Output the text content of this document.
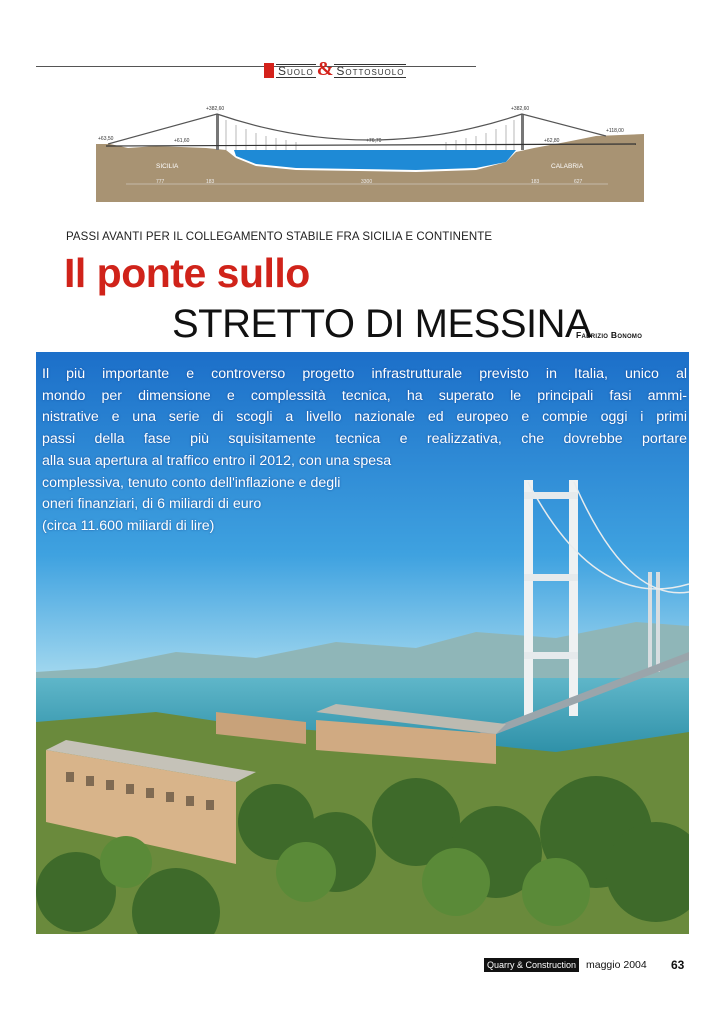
Suolo & Sottosuolo
+382,60	+382,60
+63,50	+61,60	+76,70	+62,80
+118,00
SICILIA	CALABRIA
777	183	3300	183	627
PASSI AVANTI PER IL COLLEGAMENTO STABILE FRA SICILIA E CONTINENTE
Il ponte sullo
STRETTO DI MESSINA
Fabrizio Bonomo
Il più importante e controverso progetto infrastrutturale previsto in Italia, unico al
mondo per dimensione e complessità tecnica, ha superato le principali fasi ammi-
nistrative e una serie di scogli a livello nazionale ed europeo e compie oggi i primi
passi della fase più squisitamente tecnica e realizzativa, che dovrebbe portare
alla sua apertura al traffico entro il 2012, con una spesa
complessiva, tenuto conto dell'inflazione e degli
oneri finanziari, di 6 miliardi di euro
(circa 11.600 miliardi di lire)
Quarry & Construction maggio 2004 63
